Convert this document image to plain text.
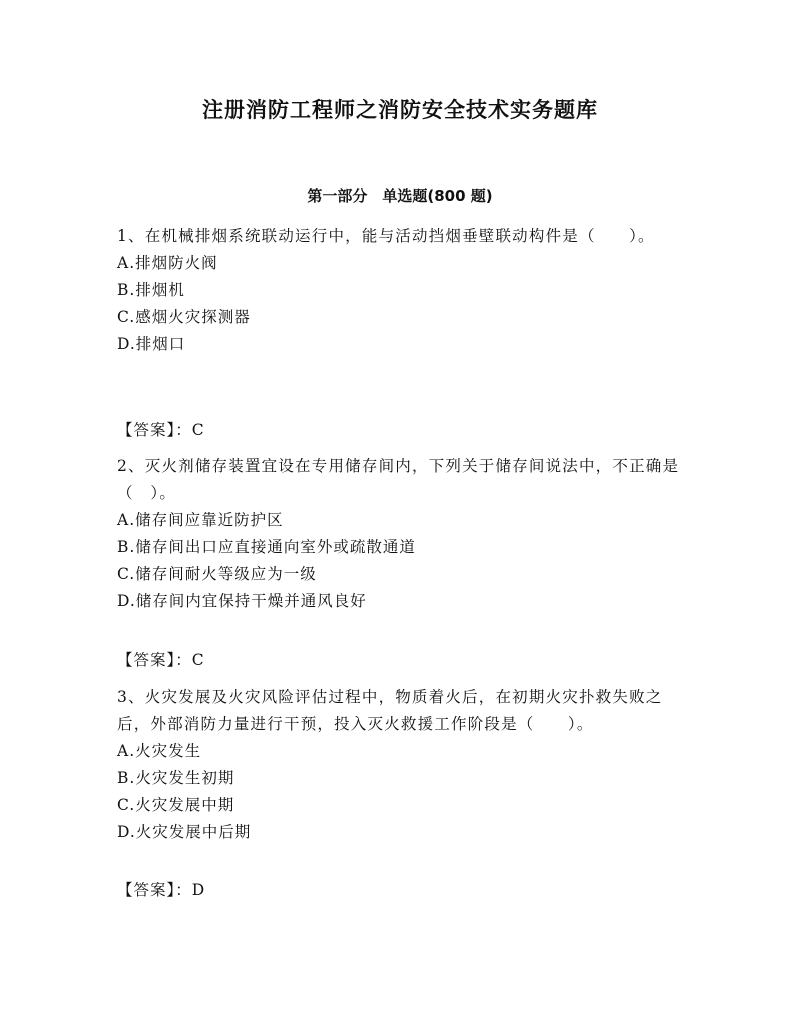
注册消防工程师之消防安全技术实务题库
第一部分　单选题(800 题)

1、在机械排烟系统联动运行中，能与活动挡烟垂壁联动构件是（　　）。

A.排烟防火阀

B.排烟机

C.感烟火灾探测器

D.排烟口

【答案】：C

2、灭火剂储存装置宜设在专用储存间内，下列关于储存间说法中，不正确是（　）。

A.储存间应靠近防护区

B.储存间出口应直接通向室外或疏散通道

C.储存间耐火等级应为一级

D.储存间内宜保持干燥并通风良好

【答案】：C

3、火灾发展及火灾风险评估过程中，物质着火后，在初期火灾扑救失败之后，外部消防力量进行干预，投入灭火救援工作阶段是（　　）。

A.火灾发生

B.火灾发生初期

C.火灾发展中期

D.火灾发展中后期

【答案】：D
